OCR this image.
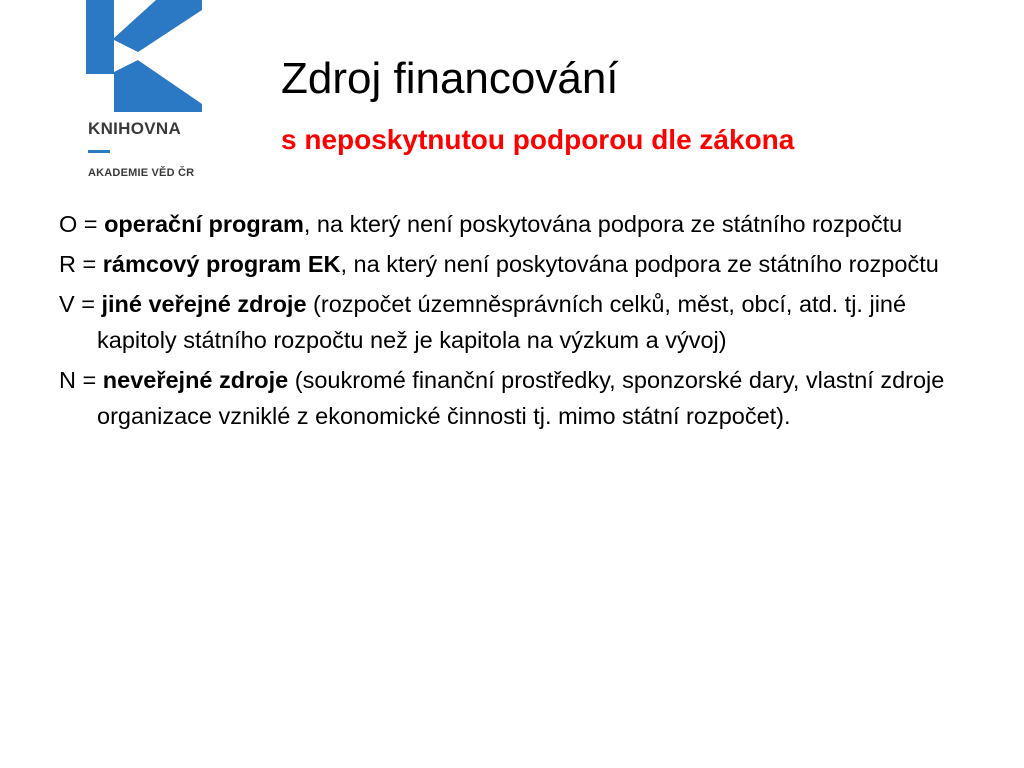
KNIHOVNA
AKADEMIE VĚD ČR
Zdroj financování
s neposkytnutou podporou dle zákona

O = operační program, na který není poskytována podpora ze státního rozpočtu

R = rámcový program EK, na který není poskytována podpora ze státního rozpočtu

V = jiné veřejné zdroje (rozpočet územněsprávních celků, měst, obcí, atd. tj. jiné kapitoly státního rozpočtu než je kapitola na výzkum a vývoj)

N = neveřejné zdroje (soukromé finanční prostředky, sponzorské dary, vlastní zdroje organizace vzniklé z ekonomické činnosti tj. mimo státní rozpočet).
